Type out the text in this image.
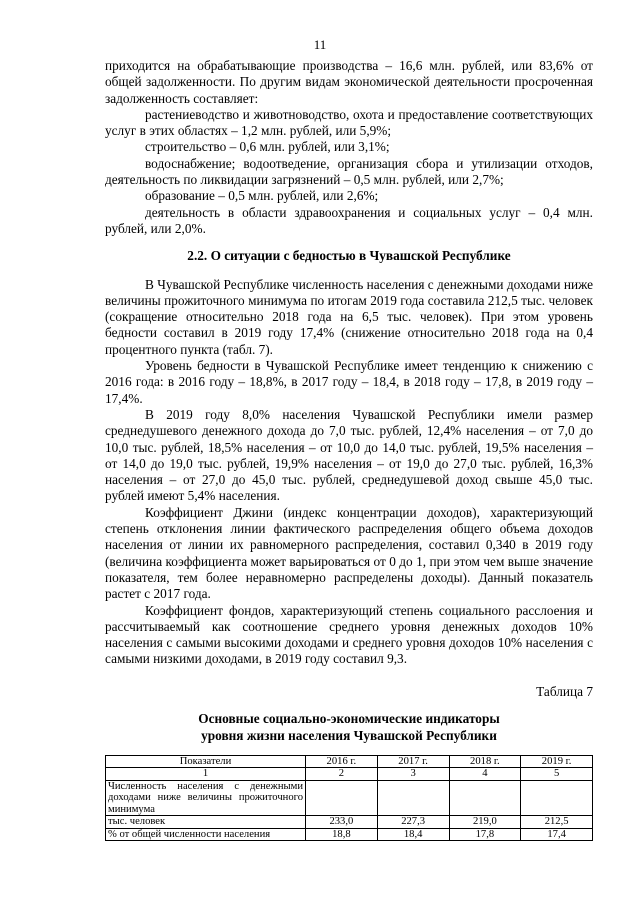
11

приходится на обрабатывающие производства – 16,6 млн. рублей, или 83,6% от общей задолженности. По другим видам экономической деятельности просроченная задолженность составляет:

растениеводство и животноводство, охота и предоставление соответствующих услуг в этих областях – 1,2 млн. рублей, или 5,9%;

строительство – 0,6 млн. рублей, или 3,1%;

водоснабжение; водоотведение, организация сбора и утилизации отходов, деятельность по ликвидации загрязнений – 0,5 млн. рублей, или 2,7%;

образование – 0,5 млн. рублей, или 2,6%;

деятельность в области здравоохранения и социальных услуг – 0,4 млн. рублей, или 2,0%.

2.2. О ситуации с бедностью в Чувашской Республике

В Чувашской Республике численность населения с денежными доходами ниже величины прожиточного минимума по итогам 2019 года составила 212,5 тыс. человек (сокращение относительно 2018 года на 6,5 тыс. человек). При этом уровень бедности составил в 2019 году 17,4% (снижение относительно 2018 года на 0,4 процентного пункта (табл. 7).

Уровень бедности в Чувашской Республике имеет тенденцию к снижению с 2016 года: в 2016 году – 18,8%, в 2017 году – 18,4, в 2018 году – 17,8, в 2019 году – 17,4%.

В 2019 году 8,0% населения Чувашской Республики имели размер среднедушевого денежного дохода до 7,0 тыс. рублей, 12,4% населения – от 7,0 до 10,0 тыс. рублей, 18,5% населения – от 10,0 до 14,0 тыс. рублей, 19,5% населения – от 14,0 до 19,0 тыс. рублей, 19,9% населения – от 19,0 до 27,0 тыс. рублей, 16,3% населения – от 27,0 до 45,0 тыс. рублей, среднедушевой доход свыше 45,0 тыс. рублей имеют 5,4% населения.

Коэффициент Джини (индекс концентрации доходов), характеризующий степень отклонения линии фактического распределения общего объема доходов населения от линии их равномерного распределения, составил 0,340 в 2019 году (величина коэффициента может варьироваться от 0 до 1, при этом чем выше значение показателя, тем более неравномерно распределены доходы). Данный показатель растет с 2017 года.

Коэффициент фондов, характеризующий степень социального расслоения и рассчитываемый как соотношение среднего уровня денежных доходов 10% населения с самыми высокими доходами и среднего уровня доходов 10% населения с самыми низкими доходами, в 2019 году составил 9,3.

Таблица 7

Основные социально-экономические индикаторы
уровня жизни населения Чувашской Республики

Показатели	2016 г.	2017 г.	2018 г.	2019 г.
1	2	3	4	5
Численность населения с денежными доходами ниже величины прожиточного минимума				
тыс. человек	233,0	227,3	219,0	212,5
% от общей численности населения	18,8	18,4	17,8	17,4
